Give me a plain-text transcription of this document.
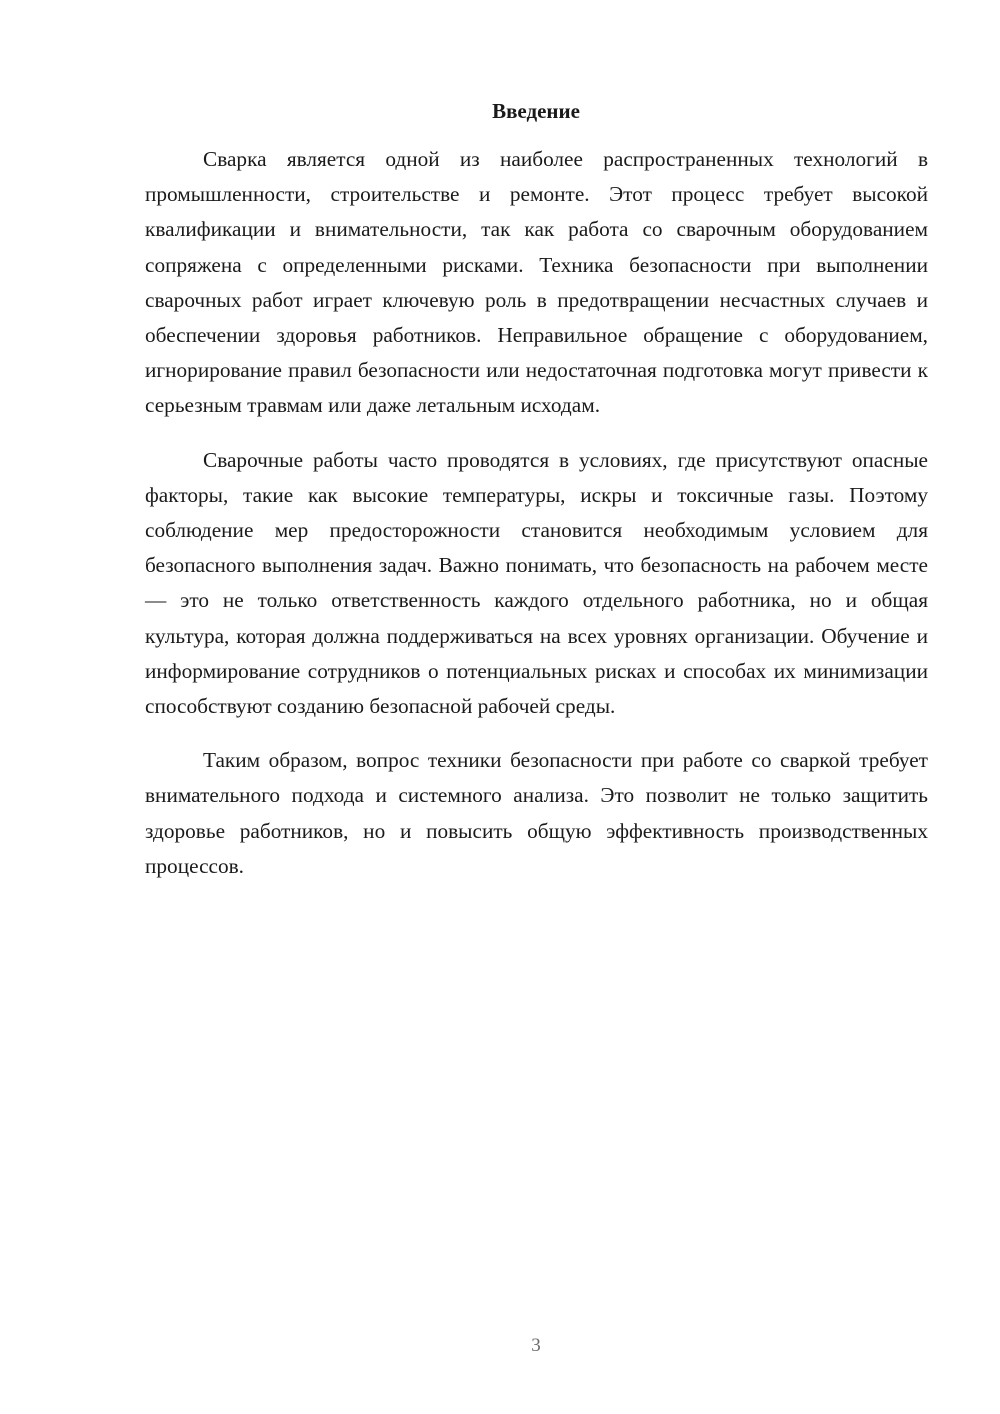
Введение

Сварка является одной из наиболее распространенных технологий в промышленности, строительстве и ремонте. Этот процесс требует высокой квалификации и внимательности, так как работа со сварочным оборудованием сопряжена с определенными рисками. Техника безопасности при выполнении сварочных работ играет ключевую роль в предотвращении несчастных случаев и обеспечении здоровья работников. Неправильное обращение с оборудованием, игнорирование правил безопасности или недостаточная подготовка могут привести к серьезным травмам или даже летальным исходам.

Сварочные работы часто проводятся в условиях, где присутствуют опасные факторы, такие как высокие температуры, искры и токсичные газы. Поэтому соблюдение мер предосторожности становится необходимым условием для безопасного выполнения задач. Важно понимать, что безопасность на рабочем месте — это не только ответственность каждого отдельного работника, но и общая культура, которая должна поддерживаться на всех уровнях организации. Обучение и информирование сотрудников о потенциальных рисках и способах их минимизации способствуют созданию безопасной рабочей среды.

Таким образом, вопрос техники безопасности при работе со сваркой требует внимательного подхода и системного анализа. Это позволит не только защитить здоровье работников, но и повысить общую эффективность производственных процессов.

3
